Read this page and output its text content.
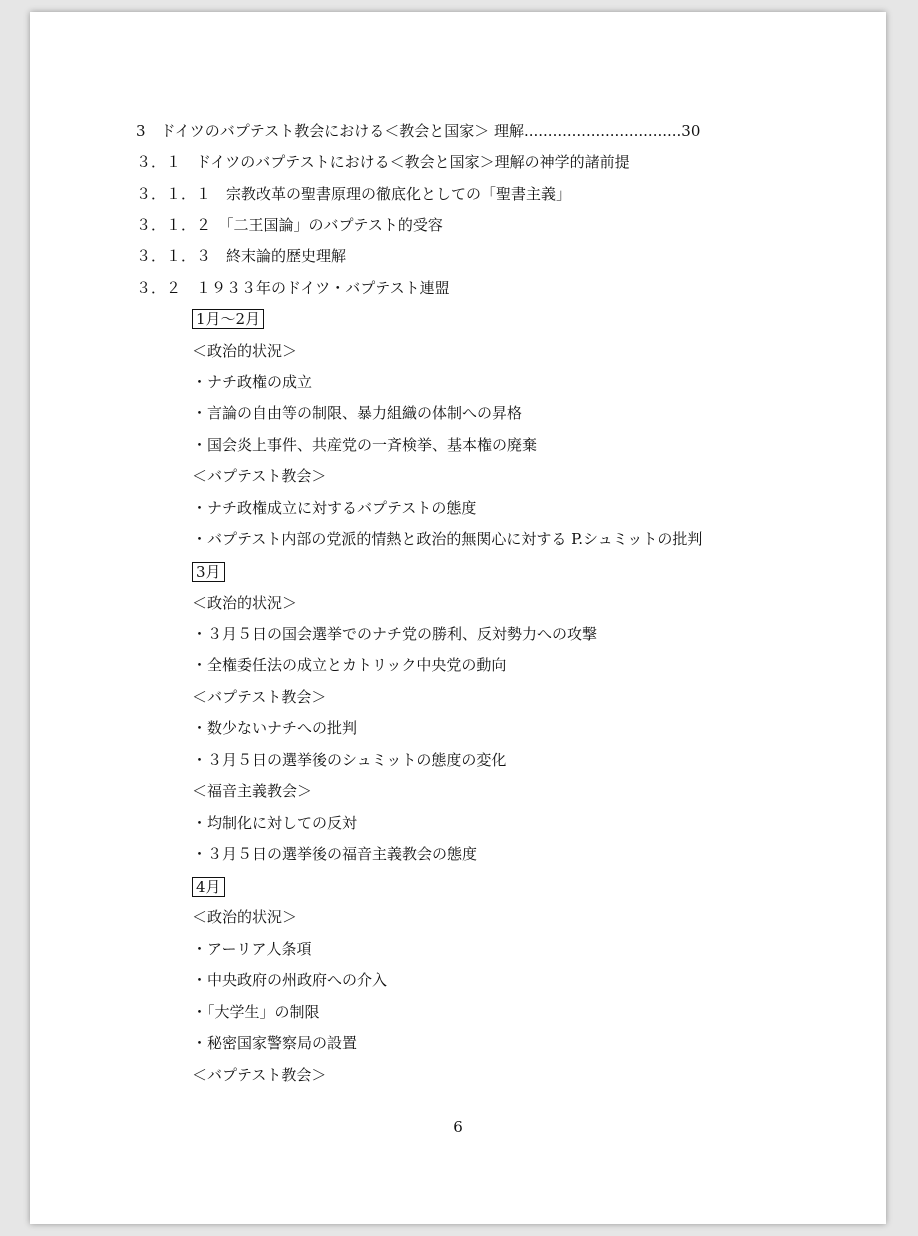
3　ドイツのバプテスト教会における＜教会と国家＞ 理解.................................30
３．１　ドイツのバプテストにおける＜教会と国家＞理解の神学的諸前提
３．１．１　宗教改革の聖書原理の徹底化としての「聖書主義」
３．１．２　「二王国論」のバプテスト的受容
３．１．３　終末論的歴史理解
３．２　１９３３年のドイツ・バプテスト連盟
1月～2月
＜政治的状況＞
・ナチ政権の成立
・言論の自由等の制限、暴力組織の体制への昇格
・国会炎上事件、共産党の一斉検挙、基本権の廃棄
＜バプテスト教会＞
・ナチ政権成立に対するバプテストの態度
・バプテスト内部の党派的情熱と政治的無関心に対する P.シュミットの批判
3月
＜政治的状況＞
・３月５日の国会選挙でのナチ党の勝利、反対勢力への攻撃
・全権委任法の成立とカトリック中央党の動向
＜バプテスト教会＞
・数少ないナチへの批判
・３月５日の選挙後のシュミットの態度の変化
＜福音主義教会＞
・均制化に対しての反対
・３月５日の選挙後の福音主義教会の態度
4月
＜政治的状況＞
・アーリア人条項
・中央政府の州政府への介入
・「大学生」の制限
・秘密国家警察局の設置
＜バプテスト教会＞
6
